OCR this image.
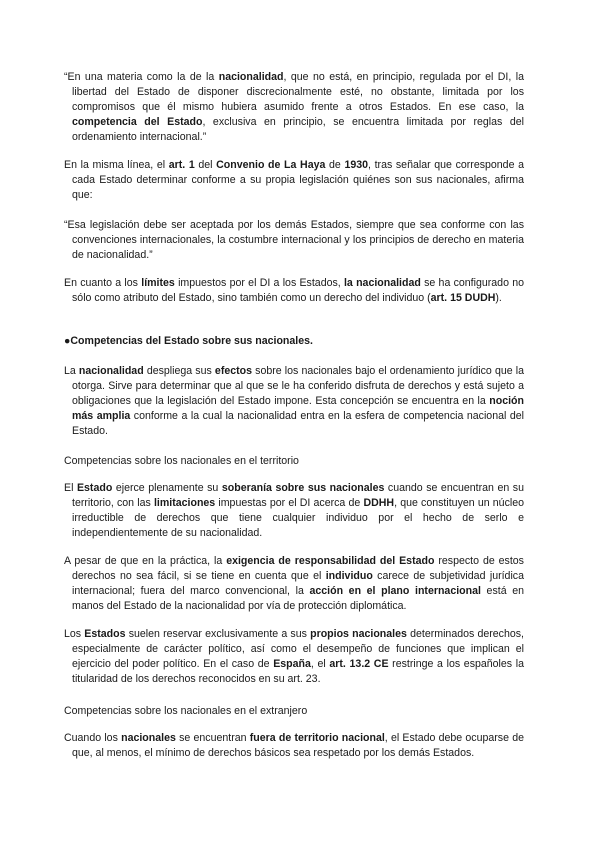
“En una materia como la de la nacionalidad, que no está, en principio, regulada por el DI, la libertad del Estado de disponer discrecionalmente esté, no obstante, limitada por los compromisos que él mismo hubiera asumido frente a otros Estados. En ese caso, la competencia del Estado, exclusiva en principio, se encuentra limitada por reglas del ordenamiento internacional.”

En la misma línea, el art. 1 del Convenio de La Haya de 1930, tras señalar que corresponde a cada Estado determinar conforme a su propia legislación quiénes son sus nacionales, afirma que:

“Esa legislación debe ser aceptada por los demás Estados, siempre que sea conforme con las convenciones internacionales, la costumbre internacional y los principios de derecho en materia de nacionalidad.”

En cuanto a los límites impuestos por el DI a los Estados, la nacionalidad se ha configurado no sólo como atributo del Estado, sino también como un derecho del individuo (art. 15 DUDH).

●Competencias del Estado sobre sus nacionales.

La nacionalidad despliega sus efectos sobre los nacionales bajo el ordenamiento jurídico que la otorga. Sirve para determinar que al que se le ha conferido disfruta de derechos y está sujeto a obligaciones que la legislación del Estado impone. Esta concepción se encuentra en la noción más amplia conforme a la cual la nacionalidad entra en la esfera de competencia nacional del Estado.

Competencias sobre los nacionales en el territorio

El Estado ejerce plenamente su soberanía sobre sus nacionales cuando se encuentran en su territorio, con las limitaciones impuestas por el DI acerca de DDHH, que constituyen un núcleo irreductible de derechos que tiene cualquier individuo por el hecho de serlo e independientemente de su nacionalidad.

A pesar de que en la práctica, la exigencia de responsabilidad del Estado respecto de estos derechos no sea fácil, si se tiene en cuenta que el individuo carece de subjetividad jurídica internacional; fuera del marco convencional, la acción en el plano internacional está en manos del Estado de la nacionalidad por vía de protección diplomática.

Los Estados suelen reservar exclusivamente a sus propios nacionales determinados derechos, especialmente de carácter político, así como el desempeño de funciones que implican el ejercicio del poder político. En el caso de España, el art. 13.2 CE restringe a los españoles la titularidad de los derechos reconocidos en su art. 23.

Competencias sobre los nacionales en el extranjero

Cuando los nacionales se encuentran fuera de territorio nacional, el Estado debe ocuparse de que, al menos, el mínimo de derechos básicos sea respetado por los demás Estados.
